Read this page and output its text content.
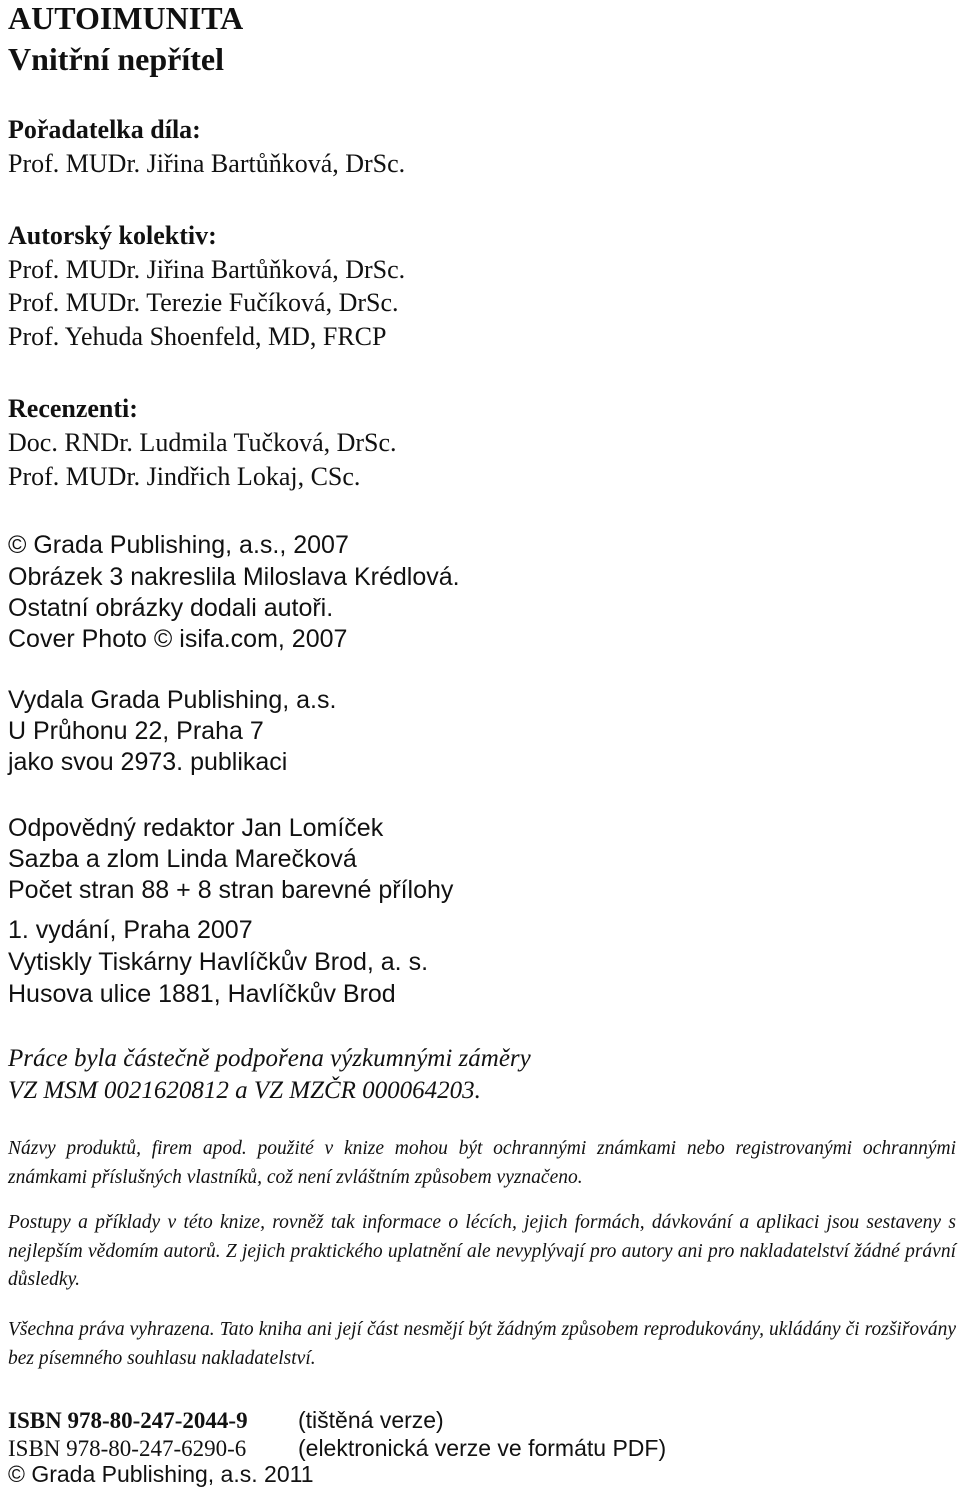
AUTOIMUNITA
Vnitřní nepřítel
Pořadatelka díla:
Prof. MUDr. Jiřina Bartůňková, DrSc.
Autorský kolektiv:
Prof. MUDr. Jiřina Bartůňková, DrSc.
Prof. MUDr. Terezie Fučíková, DrSc.
Prof. Yehuda Shoenfeld, MD, FRCP
Recenzenti:
Doc. RNDr. Ludmila Tučková, DrSc.
Prof. MUDr. Jindřich Lokaj, CSc.
© Grada Publishing, a.s., 2007
Obrázek 3 nakreslila Miloslava Krédlová.
Ostatní obrázky dodali autoři.
Cover Photo © isifa.com, 2007
Vydala Grada Publishing, a.s.
U Průhonu 22, Praha 7
jako svou 2973. publikaci
Odpovědný redaktor Jan Lomíček
Sazba a zlom Linda Marečková
Počet stran 88 + 8 stran barevné přílohy
1. vydání, Praha 2007
Vytiskly Tiskárny Havlíčkův Brod, a. s.
Husova ulice 1881, Havlíčkův Brod
Práce byla částečně podpořena výzkumnými záměry
VZ MSM 0021620812 a VZ MZČR 000064203.
Názvy produktů, firem apod. použité v knize mohou být ochrannými známkami nebo registrovanými ochrannými známkami příslušných vlastníků, což není zvláštním způsobem vyznačeno.
Postupy a příklady v této knize, rovněž tak informace o lécích, jejich formách, dávkování a aplikaci jsou sestaveny s nejlepším vědomím autorů. Z jejich praktického uplatnění ale nevyplývají pro autory ani pro nakladatelství žádné právní důsledky.
Všechna práva vyhrazena. Tato kniha ani její část nesmějí být žádným způsobem reprodukovány, ukládány či rozšiřovány bez písemného souhlasu nakladatelství.
ISBN 978-80-247-2044-9 (tištěná verze)
ISBN 978-80-247-6290-6 (elektronická verze ve formátu PDF)
© Grada Publishing, a.s. 2011
